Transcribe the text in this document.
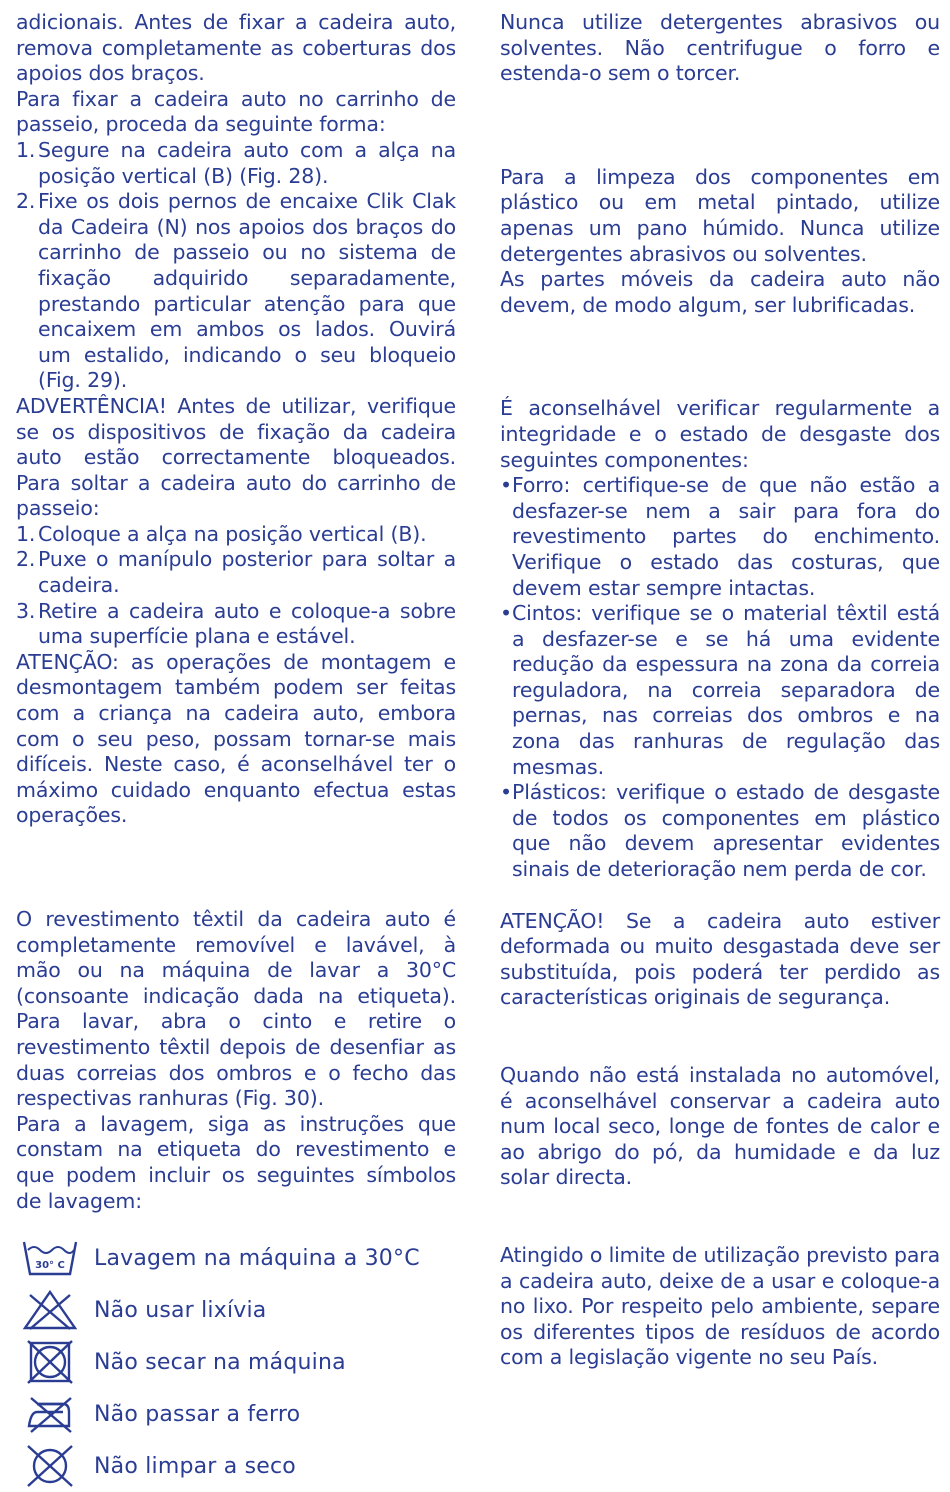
adicionais. Antes de fixar a cadeira auto, remova completamente as coberturas dos apoios dos braços.

Para fixar a cadeira auto no carrinho de passeio, proceda da seguinte forma:

1. Segure na cadeira auto com a alça na posição vertical (B) (Fig. 28).
2. Fixe os dois pernos de encaixe Clik Clak da Cadeira (N) nos apoios dos braços do carrinho de passeio ou no sistema de fixação adquirido separadamente, prestando particular atenção para que encaixem em ambos os lados. Ouvirá um estalido, indicando o seu bloqueio (Fig. 29).

ADVERTÊNCIA! Antes de utilizar, verifique se os dispositivos de fixação da cadeira auto estão correctamente bloqueados. Para soltar a cadeira auto do carrinho de passeio:

1. Coloque a alça na posição vertical (B).
2. Puxe o manípulo posterior para soltar a cadeira.
3. Retire a cadeira auto e coloque-a sobre uma superfície plana e estável.

ATENÇÃO: as operações de montagem e desmontagem também podem ser feitas com a criança na cadeira auto, embora com o seu peso, possam tornar-se mais difíceis. Neste caso, é aconselhável ter o máximo cuidado enquanto efectua estas operações.

O revestimento têxtil da cadeira auto é completamente removível e lavável, à mão ou na máquina de lavar a 30°C (consoante indicação dada na etiqueta). Para lavar, abra o cinto e retire o revestimento têxtil depois de desenfiar as duas correias dos ombros e o fecho das respectivas ranhuras (Fig. 30).

Para a lavagem, siga as instruções que constam na etiqueta do revestimento e que podem incluir os seguintes símbolos de lavagem:

30° C Lavagem na máquina a 30°C
Não usar lixívia
Não secar na máquina
Não passar a ferro
Não limpar a seco

Nunca utilize detergentes abrasivos ou solventes. Não centrifugue o forro e estenda-o sem o torcer.

Para a limpeza dos componentes em plástico ou em metal pintado, utilize apenas um pano húmido. Nunca utilize detergentes abrasivos ou solventes.

As partes móveis da cadeira auto não devem, de modo algum, ser lubrificadas.

É aconselhável verificar regularmente a integridade e o estado de desgaste dos seguintes componentes:

• Forro: certifique-se de que não estão a desfazer-se nem a sair para fora do revestimento partes do enchimento. Verifique o estado das costuras, que devem estar sempre intactas.
• Cintos: verifique se o material têxtil está a desfazer-se e se há uma evidente redução da espessura na zona da correia reguladora, na correia separadora de pernas, nas correias dos ombros e na zona das ranhuras de regulação das mesmas.
• Plásticos: verifique o estado de desgaste de todos os componentes em plástico que não devem apresentar evidentes sinais de deterioração nem perda de cor.

ATENÇÃO! Se a cadeira auto estiver deformada ou muito desgastada deve ser substituída, pois poderá ter perdido as características originais de segurança.

Quando não está instalada no automóvel, é aconselhável conservar a cadeira auto num local seco, longe de fontes de calor e ao abrigo do pó, da humidade e da luz solar directa.

Atingido o limite de utilização previsto para a cadeira auto, deixe de a usar e coloque-a no lixo. Por respeito pelo ambiente, separe os diferentes tipos de resíduos de acordo com a legislação vigente no seu País.
